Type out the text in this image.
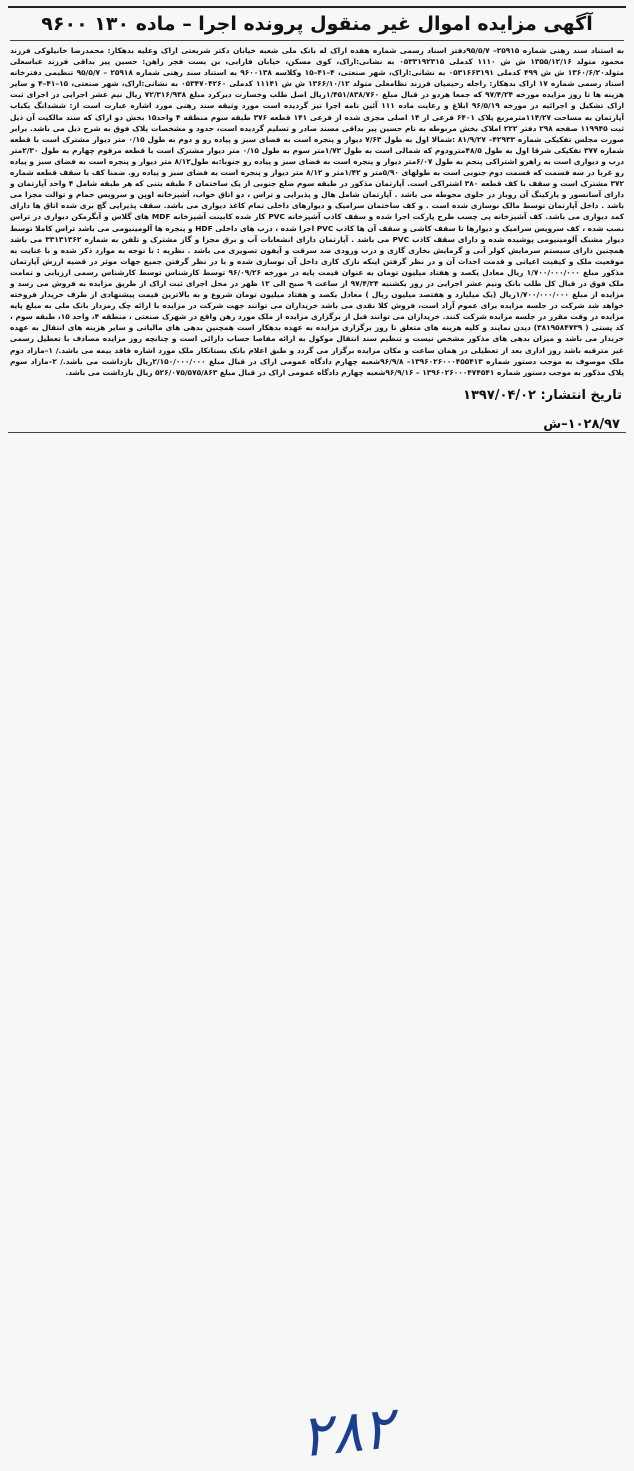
آگهی مزایده اموال غیر منقول پرونده اجرا – ماده ۱۳۰ ۹۶۰۰
به استناد سند رهنی شماره ۲۵۹۱۵– ۹۵/۵/۷دفتر اسناد رسمی شماره هفده اراک له بانک ملی شعبه خیابان دکتر شریعتی اراک وعلیه بدهکار: محمدرضا خانیلوکی فرزند محمود متولد ۱۳۵۵/۱۲/۱۶ ش ش ۱۱۱۰ کدملی ۰۵۳۳۱۹۲۳۱۵ به نشانی:اراک، کوی مسکن، خیابان فارابی، بن بست فجر راهن: حسین پیر بداقی فرزند عباسعلی متولد۱۳۶۰/۶/۲۰ ش ش ۴۹۹ کدملی ۰۵۳۱۶۶۳۱۹۱ به نشانی:اراک، شهر صنعتی، ۴–۴۱–۱۵ وکلاسه ۹۶۰۰۱۳۸ به استناد سند رهنی شماره ۲۵۹۱۸ – ۹۵/۵/۷ تنظیمی دفترخانه اسناد رسمی شماره ۱۷ اراک بدهکار: راحله رحیمیان فرزند نظامعلی متولد ۱۳۶۶/۱۰/۱۲ ش ش ۱۱۱۴۱ کدملی ۰۵۳۴۷۰۴۲۶۰ به نشانی:اراک، شهر صنعتی، ۱۵–۴۱–۴ و سایر هزینه ها تا روز مزایده مورخه ۹۷/۴/۲۴ که جمعا هردو در قبال مبلغ ۱/۴۵۱/۸۳۸/۷۶۰ریال اصل طلب وخسارت دیرکرد مبلغ ۷۲/۳۱۶/۹۳۸ ریال نیم عشر اجرایی در اجرای ثبت اراک تشکیل و اجرائیه در مورخه ۹۶/۵/۱۹ ابلاغ و رعایت ماده ۱۱۱ آئین نامه اجرا نیز گردیده است مورد وثیقه سند رهنی مورد اشاره عبارت است از: ششدانگ یکباب آپارتمان به مساحت ۱۱۴/۲۷مترمربع پلاک ۶۴۰۱ فرعی از ۱۴ اصلی مجزی شده از فرعی ۱۴۱ قطعه ۳۷۶ طبقه سوم منطقه ۴ واحد۱۵ بخش دو اراک که سند مالکیت آن ذیل ثبت ۱۱۹۹۴۵ صفحه ۲۹۸ دفتر ۲۲۲ املاک بخش مربوطه به نام حسین پیر بداقی مسند صادر و تسلیم گردیده است، حدود و مشخصات پلاک فوق به شرح ذیل می باشد. برابر صورت مجلس تفکیکی شماره ۴۲۹۳۳– ۸۱/۹/۲۷ :شمالا اول به طول ۷/۶۳ دیوار و پنجره است به فضای سبز و پیاده رو و دوم به طول ۰/۱۵ متر دیوار مشترک است با قطعه شماره ۳۷۷ تفکیکی شرقا اول به طول ۴۸/۵مترودوم که شمالی است به طول ۱/۷۲متر سوم به طول ۰/۱۵ متر دیوار مشترک است با قطعه مرقوم چهارم به طول ۲/۳۰متر درب و دیواری است به راهرو اشتراکی پنجم به طول ۶/۰۷متر دیوار و پنجره است به فضای سبز و پیاده رو جنوبا:به طول۸/۱۲ متر دیوار و پنجره است به فضای سبز و پیاده رو غربا در سه قسمت که قسمت دوم جنوبی است به طولهای ۵/۹۰متر و ۱/۴۲متر و ۸/۱۲ متر دیوار و پنجره است به فضای سبز و پیاده رو. ضمنا کف با سقف قطعه شماره ۳۷۲ مشترک است و سقف با کف قطعه ۳۸۰ اشتراکی است. آپارتمان مذکور در طبقه سوم ضلع جنوبی از یک ساختمان ۶ طبقه بتنی که هر طبقه شامل ۴ واحد آپارتمان و دارای آسانسور و پارکینگ آن روباز در جلوی محوطه می باشد . آپارتمان شامل هال و پذیرایی و تراس ، دو اتاق خواب، آشپزخانه اوپن و سرویس حمام و توالت مجزا می باشد . داخل آپارتمان توسط مالک نوسازی شده است . و کف ساختمان سرامیک و دیوارهای داخلی تمام کاغذ دیواری می باشد. سقف پذیرایی گچ بری شده اتاق ها دارای کمد دیواری می باشد. کف آشپزخانه پی چسب طرح پارکت اجرا شده و سقف کاذب آشپزخانه PVC کار شده کابینت آشپزخانه MDF های گلاس و آبگرمکن دیواری در تراس نصب شده ، کف سرویس سرامیک و دیوارها تا سقف کاشی و سقف آن ها کاذب PVC اجرا شده ، درب های داخلی HDF و پنجره ها آلومینیومی می باشد تراس کاملا توسط دیوار مشبک آلومینیومی پوشیده شده و دارای سقف کاذب PVC می باشد . آپارتمان دارای انشعابات آب و برق مجزا و گاز مشترک و تلفن به شماره ۳۳۱۳۱۳۶۲ می باشد همچنین دارای سیستم سرمایش کولر آبی و گرمایش بخاری گازی و درب ورودی ضد سرقت و آیفون تصویری می باشد . نظریه : با توجه به موارد ذکر شده و با عنایت به موقعیت ملک و کیفیت اعیانی و قدمت احداث آن و در نظر گرفتن اینکه نازک کاری داخل آن نوسازی شده و با در نظر گرفتن جمیع جهات موثر در قضیه ارزش آپارتمان مذکور مبلغ ۱/۷۰۰/۰۰۰/۰۰۰ ریال معادل یکصد و هفتاد میلیون تومان به عنوان قیمت پایه در مورخه ۹۶/۰۹/۲۶ توسط کارشناس توسط کارشناس رسمی ارزیابی و تمامت ملک فوق در قبال کل طلب بانک ونیم عشر اجرایی در روز یکشنبه ۹۷/۴/۲۴ از ساعت ۹ صبح الی ۱۲ ظهر در محل اجرای ثبت اراک از طریق مزایده به فروش می رسد و مزایده از مبلغ ۱/۷۰۰/۰۰۰/۰۰۰ریال (یک میلیارد و هفتصد میلیون ریال ) معادل یکصد و هفتاد میلیون تومان شروع و به بالاترین قیمت پیشنهادی از طرف خریدار فروخته خواهد شد شرکت در جلسه مزایده برای عموم آزاد است، فروش کلا نقدی می باشد خریداران می توانند جهت شرکت در مزایده با ارائه چک رمزدار بانک ملی به مبلغ پایه مزایده در وقت مقرر در جلسه مزایده شرکت کنند. خریداران می توانند قبل از برگزاری مزایده از ملک مورد رهن واقع در شهرک صنعتی ، منطقه ۴، واحد ۱۵، طبقه سوم ، کد پستی ( ۳۸۱۹۵۸۴۷۳۹) دیدن نمایند و کلیه هزینه های متعلق تا روز برگزاری مزایده به عهده بدهکار است همچنین بدهی های مالیاتی و سایر هزینه های انتقال به عهده خریدار می باشد و میزان بدهی های مذکور مشخص نیست و تنظیم سند انتقال موکول به ارائه مفاصا حساب دارائی است و چنانچه روز مزایده مصادف با تعطیل رسمی غیر مترقبه باشد روز اداری بعد از تعطیلی در همان ساعت و مکان مزایده برگزار می گردد و طبق اعلام بانک بستانکار ملک مورد اشاره فاقد بیمه می باشد./ ۱–مازاد دوم ملک موصوف به موجب دستور شماره ۱۳۹۶۰۲۶۰۰۰۴۵۵۴۱۳– ۹۶/۹/۸شعبه چهارم دادگاه عمومی اراک در قبال مبلغ ۲/۱۵۰/۰۰۰/۰۰۰ریال بازداشت می باشد./ ۲–مازاد سوم پلاک مذکور به موجب دستور شماره ۱۳۹۶۰۲۶۰۰۰۴۷۴۵۴۱ – ۹۶/۹/۱۶شعبه چهارم دادگاه عمومی اراک در قبال مبلغ ۵۲۶/۰۷۵/۵۷۵/۸۶۳ ریال بازداشت می باشد.
تاریخ انتشار: ۱۳۹۷/۰۴/۰۲
۱۰۲۸/۹۷–ش
۲۸۲
